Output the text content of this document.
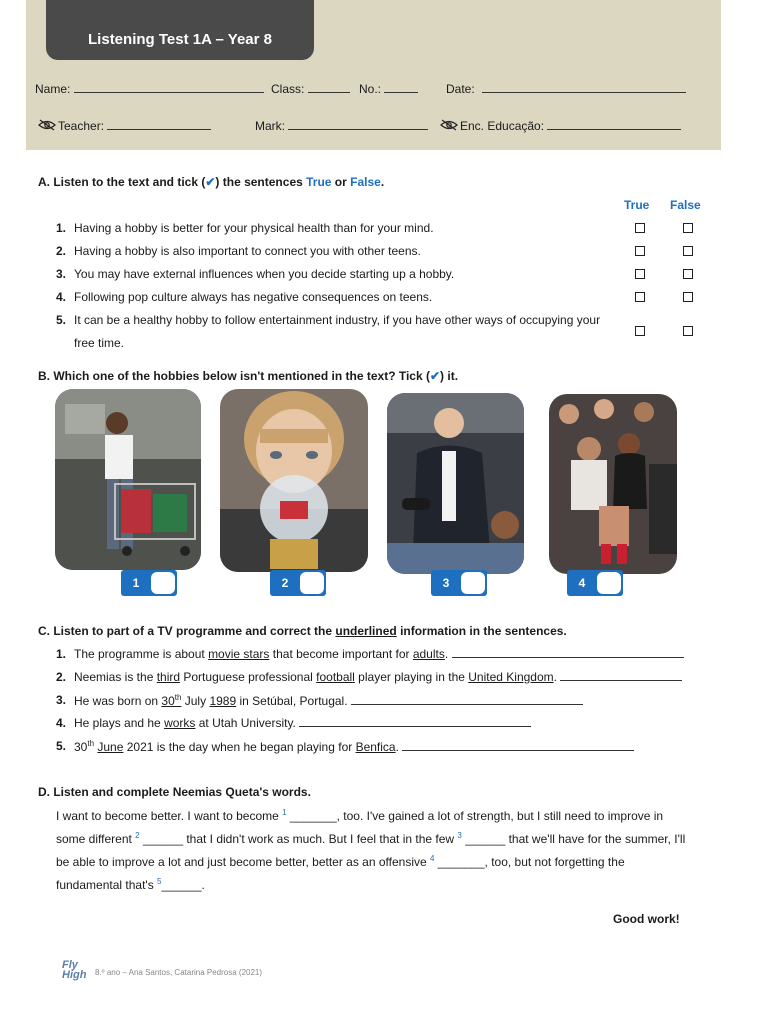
Listening Test 1A – Year 8
Name:	Class:	No.:	Date:
Teacher:	Mark:	Enc. Educação:
A. Listen to the text and tick (✔) the sentences True or False.
True False
1. Having a hobby is better for your physical health than for your mind.
2. Having a hobby is also important to connect you with other teens.
3. You may have external influences when you decide starting up a hobby.
4. Following pop culture always has negative consequences on teens.
5. It can be a healthy hobby to follow entertainment industry, if you have other ways of occupying your
free time.
B. Which one of the hobbies below isn't mentioned in the text? Tick (✔) it.
1	2	3	4
C. Listen to part of a TV programme and correct the underlined information in the sentences.
1. The programme is about movie stars that become important for adults.
2. Neemias is the third Portuguese professional football player playing in the United Kingdom.
3. He was born on 30th July 1989 in Setúbal, Portugal.
4. He plays and he works at Utah University.
5. 30th June 2021 is the day when he began playing for Benfica.
D. Listen and complete Neemias Queta's words.
I want to become better. I want to become $^1$ _______, too. I've gained a lot of strength, but I still need to improve in
some different $^2$ ______ that I didn't work as much. But I feel that in the few $^3$ ______ that we'll have for the summer, I'll
be able to improve a lot and just become better, better as an offensive $^4$ _______, too, but not forgetting the
fundamental that's $^5$______.
Good work!
Fly
High	8.º ano – Ana Santos, Catarina Pedrosa (2021)
